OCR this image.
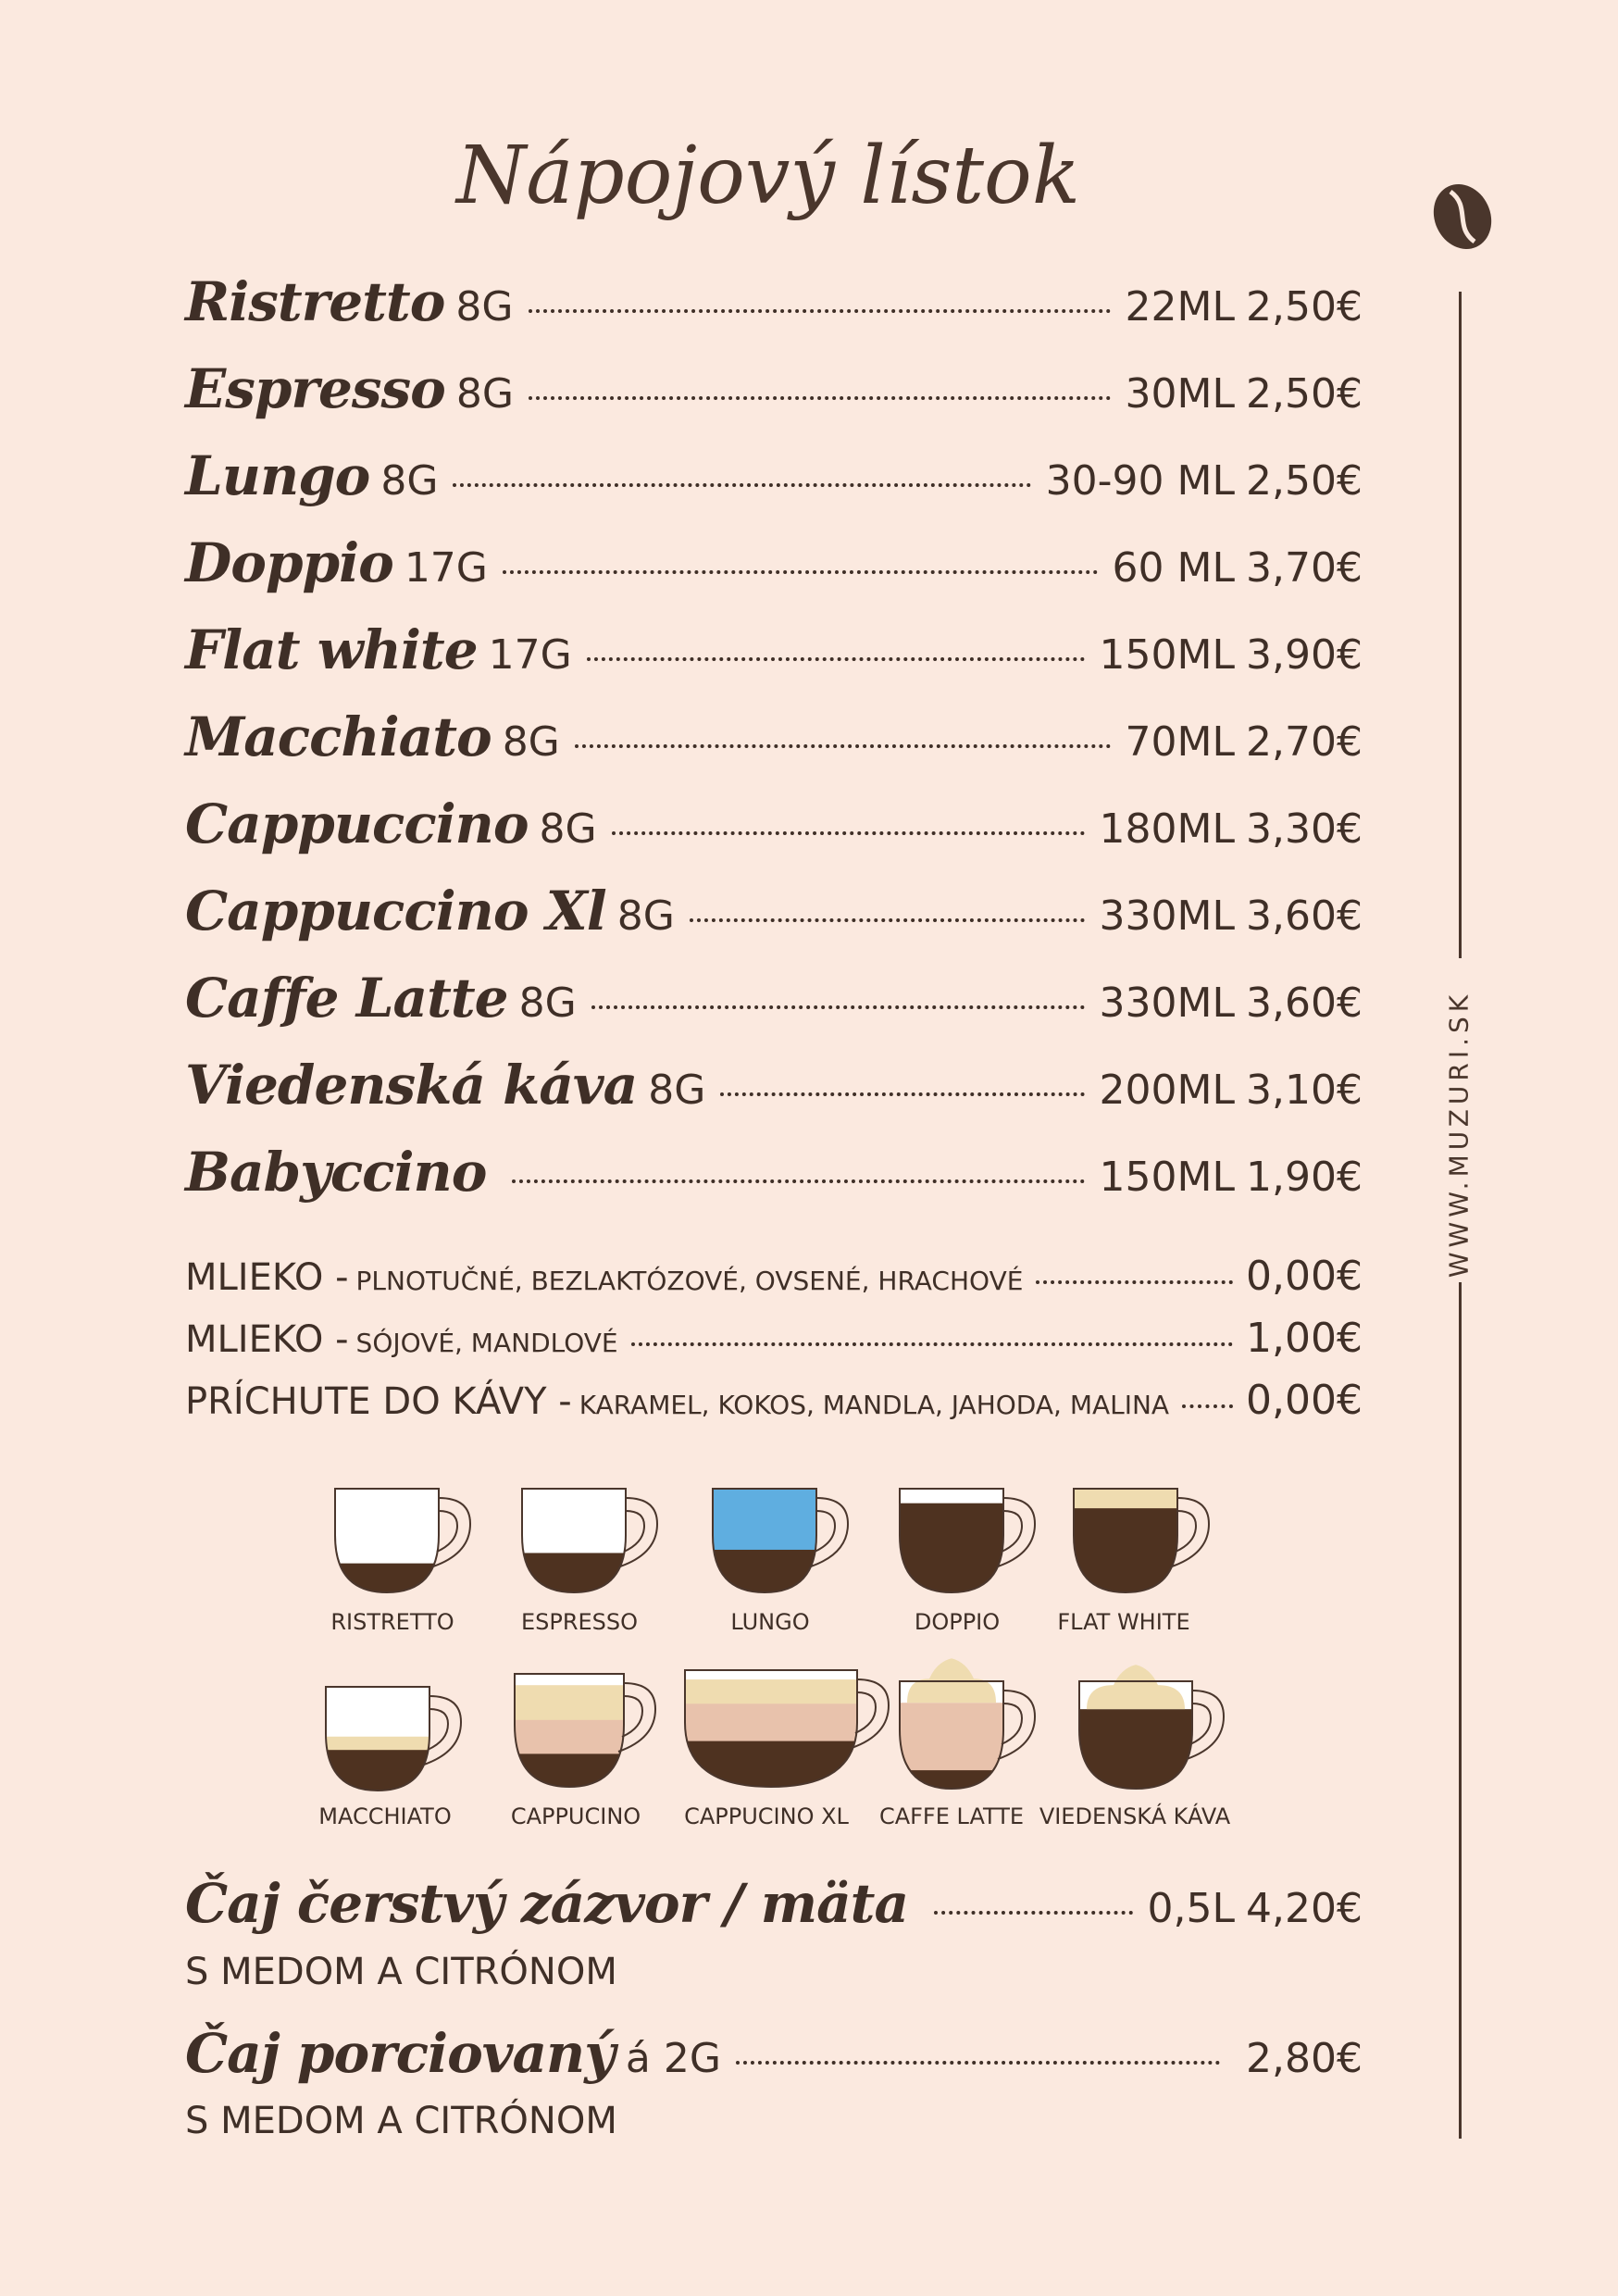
Nápojový lístok
WWW.MUZURI.SK
Ristretto 8G	22ML 2,50€
Espresso 8G	30ML 2,50€
Lungo 8G	30-90 ML 2,50€
Doppio 17G	60 ML 3,70€
Flat white 17G	150ML 3,90€
Macchiato 8G	70ML 2,70€
Cappuccino 8G	180ML 3,30€
Cappuccino Xl 8G	330ML 3,60€
Caffe Latte 8G	330ML 3,60€
Viedenská káva 8G	200ML 3,10€
Babyccino	150ML 1,90€
MLIEKO - PLNOTUČNÉ, BEZLAKTÓZOVÉ, OVSENÉ, HRACHOVÉ	0,00€
MLIEKO - SÓJOVÉ, MANDLOVÉ	1,00€
PRÍCHUTE DO KÁVY - KARAMEL, KOKOS, MANDLA, JAHODA, MALINA 0,00€
RISTRETTO	ESPRESSO	LUNGO	DOPPIO	FLAT WHITE
MACCHIATO	CAPPUCINO	CAPPUCINO XL	CAFFE LATTE VIEDENSKÁ KÁVA
Čaj čerstvý zázvor / mäta	0,5L 4,20€
S MEDOM A CITRÓNOM
Čaj porciovaný á 2G	2,80€
S MEDOM A CITRÓNOM
